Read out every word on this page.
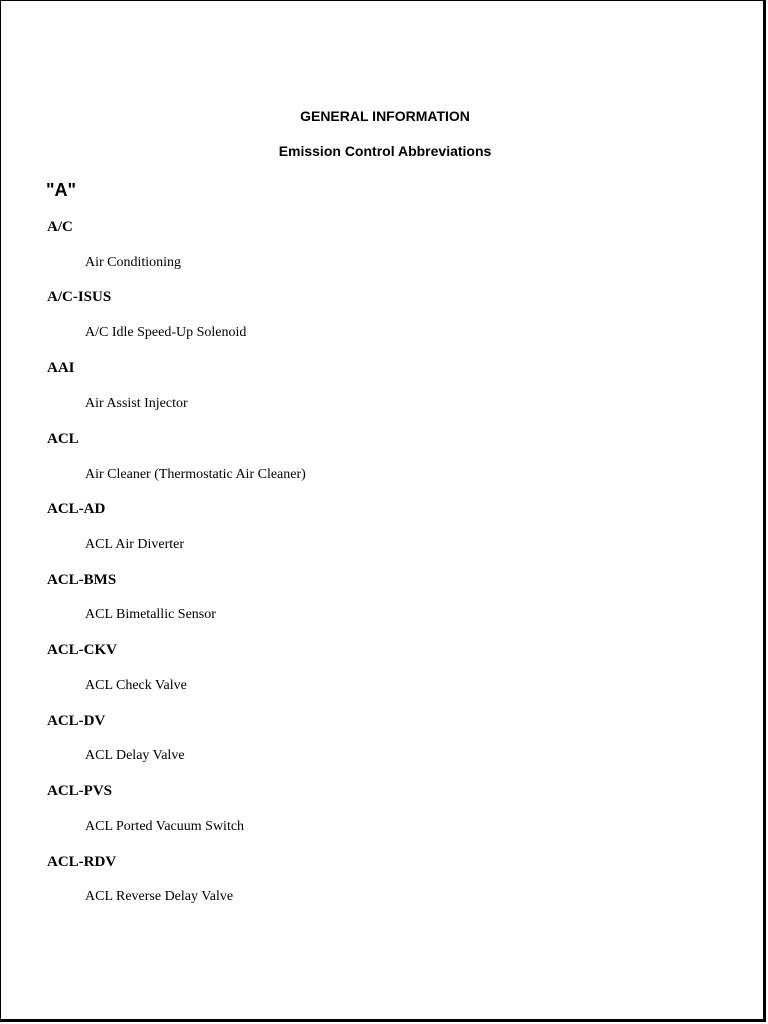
GENERAL INFORMATION
Emission Control Abbreviations
"A"
A/C
Air Conditioning
A/C-ISUS
A/C Idle Speed-Up Solenoid
AAI
Air Assist Injector
ACL
Air Cleaner (Thermostatic Air Cleaner)
ACL-AD
ACL Air Diverter
ACL-BMS
ACL Bimetallic Sensor
ACL-CKV
ACL Check Valve
ACL-DV
ACL Delay Valve
ACL-PVS
ACL Ported Vacuum Switch
ACL-RDV
ACL Reverse Delay Valve
